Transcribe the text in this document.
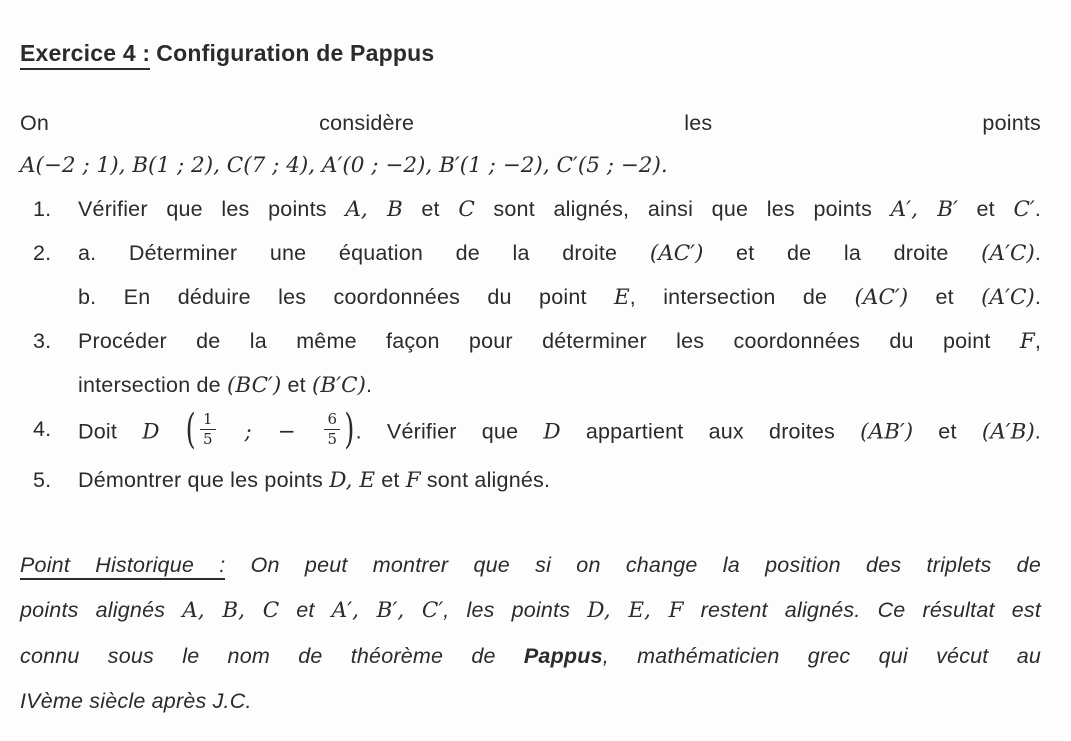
Exercice 4 : Configuration de Pappus
On considère les points
A(−2 ; 1), B(1 ; 2), C(7 ; 4), A′(0 ; −2), B′(1 ; −2), C′(5 ; −2).
1.	Vérifier que les points A, B et C sont alignés, ainsi que les points A′, B′ et C′.
2.	a. Déterminer une équation de la droite (AC′) et de la droite (A′C).
b. En déduire les coordonnées du point E, intersection de (AC′) et (A′C).
3.	Procéder de la même façon pour déterminer les coordonnées du point F,
intersection de (BC′) et (B′C).
4.	Doit D ( $\frac{1}{5}$ ; − $\frac{6}{5}$ ). Vérifier que D appartient aux droites (AB′) et (A′B).
5.	Démontrer que les points D, E et F sont alignés.
Point Historique : On peut montrer que si on change la position des triplets de
points alignés A, B, C et A′, B′, C′, les points D, E, F restent alignés. Ce résultat est
connu sous le nom de théorème de Pappus, mathématicien grec qui vécut au
IVème siècle après J.C.
